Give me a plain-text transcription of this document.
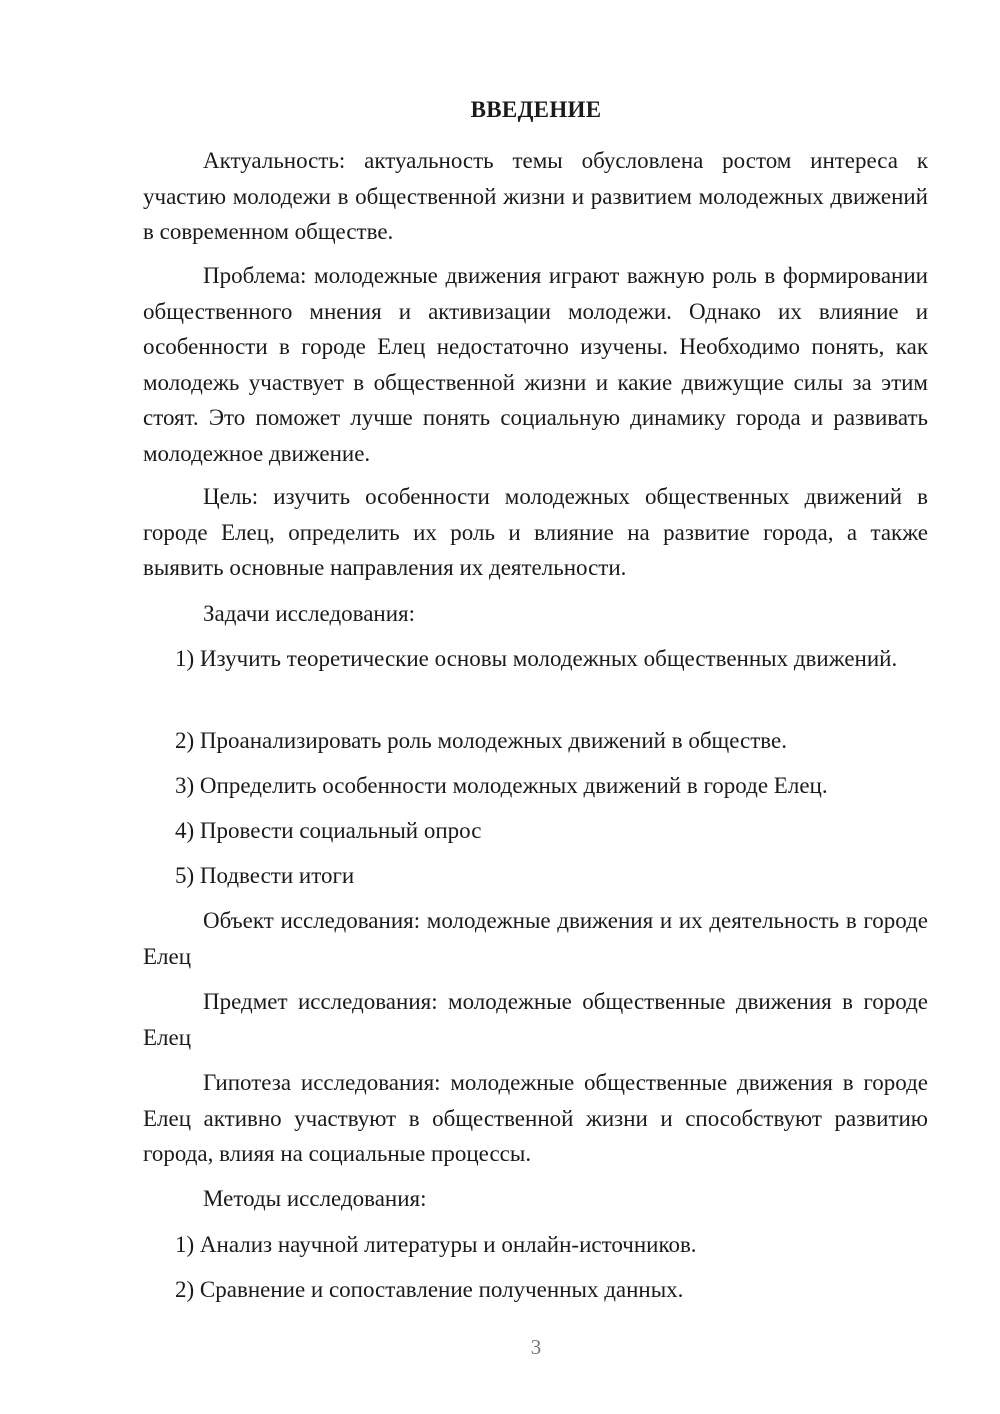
ВВЕДЕНИЕ

Актуальность: актуальность темы обусловлена ростом интереса к участию молодежи в общественной жизни и развитием молодежных движений в современном обществе.

Проблема: молодежные движения играют важную роль в формировании общественного мнения и активизации молодежи. Однако их влияние и особенности в городе Елец недостаточно изучены. Необходимо понять, как молодежь участвует в общественной жизни и какие движущие силы за этим стоят. Это поможет лучше понять социальную динамику города и развивать молодежное движение.

Цель: изучить особенности молодежных общественных движений в городе Елец, определить их роль и влияние на развитие города, а также выявить основные направления их деятельности.

Задачи исследования:

1) Изучить теоретические основы молодежных общественных движений.

2) Проанализировать роль молодежных движений в обществе.

3) Определить особенности молодежных движений в городе Елец.

4) Провести социальный опрос

5) Подвести итоги

Объект исследования: молодежные движения и их деятельность в городе Елец

Предмет исследования: молодежные общественные движения в городе Елец

Гипотеза исследования: молодежные общественные движения в городе Елец активно участвуют в общественной жизни и способствуют развитию города, влияя на социальные процессы.

Методы исследования:

1) Анализ научной литературы и онлайн-источников.

2) Сравнение и сопоставление полученных данных.

3
